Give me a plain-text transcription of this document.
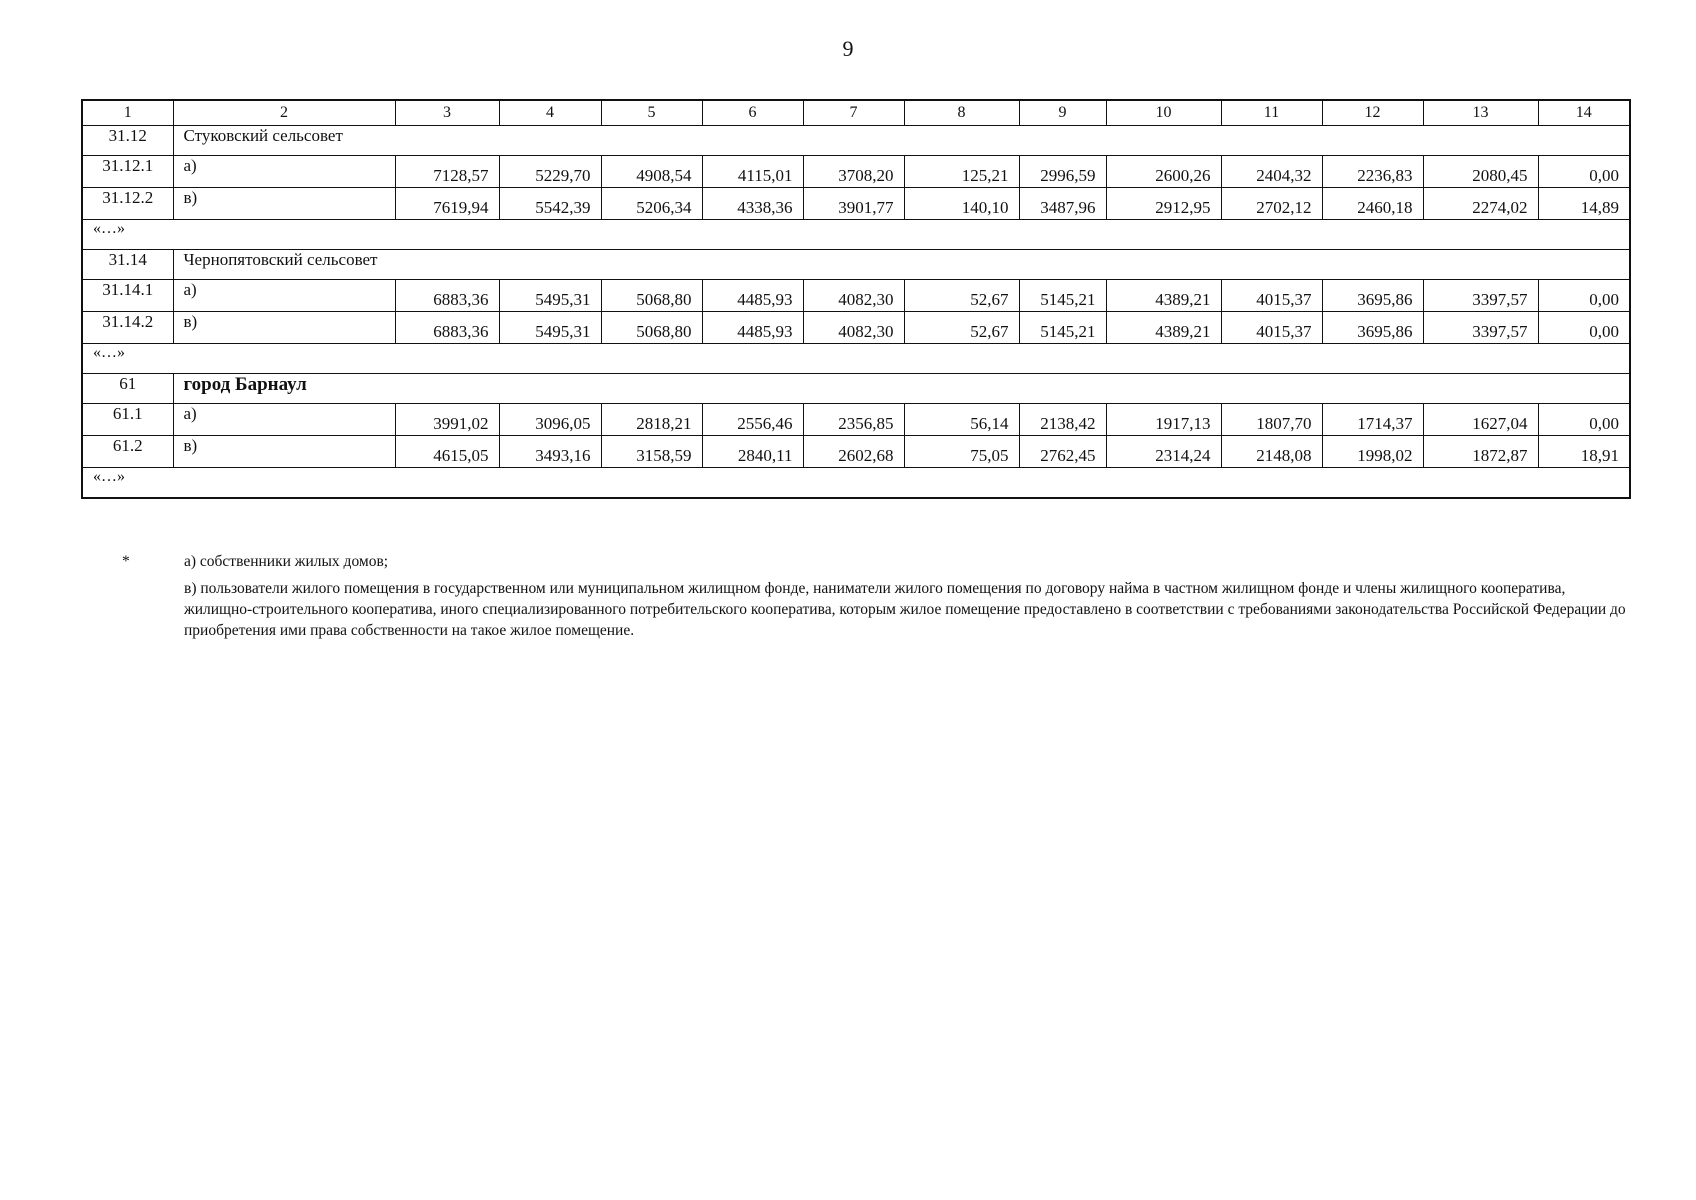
9
1	2	3	4	5	6	7	8	9	10	11	12	13	14
31.12	Стуковский сельсовет												
31.12.1	а)	7128,57	5229,70	4908,54	4115,01	3708,20	125,21	2996,59	2600,26	2404,32	2236,83	2080,45	0,00
31.12.2	в)	7619,94	5542,39	5206,34	4338,36	3901,77	140,10	3487,96	2912,95	2702,12	2460,18	2274,02	14,89
«…»													
31.14	Чернопятовский сельсовет												
31.14.1	а)	6883,36	5495,31	5068,80	4485,93	4082,30	52,67	5145,21	4389,21	4015,37	3695,86	3397,57	0,00
31.14.2	в)	6883,36	5495,31	5068,80	4485,93	4082,30	52,67	5145,21	4389,21	4015,37	3695,86	3397,57	0,00
«…»													
61	город Барнаул												
61.1	а)	3991,02	3096,05	2818,21	2556,46	2356,85	56,14	2138,42	1917,13	1807,70	1714,37	1627,04	0,00
61.2	в)	4615,05	3493,16	3158,59	2840,11	2602,68	75,05	2762,45	2314,24	2148,08	1998,02	1872,87	18,91
«…»													
*	а) собственники жилых домов;

в) пользователи жилого помещения в государственном или муниципальном жилищном фонде, наниматели жилого помещения по договору найма в частном жилищном фонде и члены жилищного кооператива, жилищно-строительного кооператива, иного специализированного потребительского кооператива, которым жилое помещение предоставлено в соответствии с требованиями законодательства Российской Федерации до приобретения ими права собственности на такое жилое помещение.
